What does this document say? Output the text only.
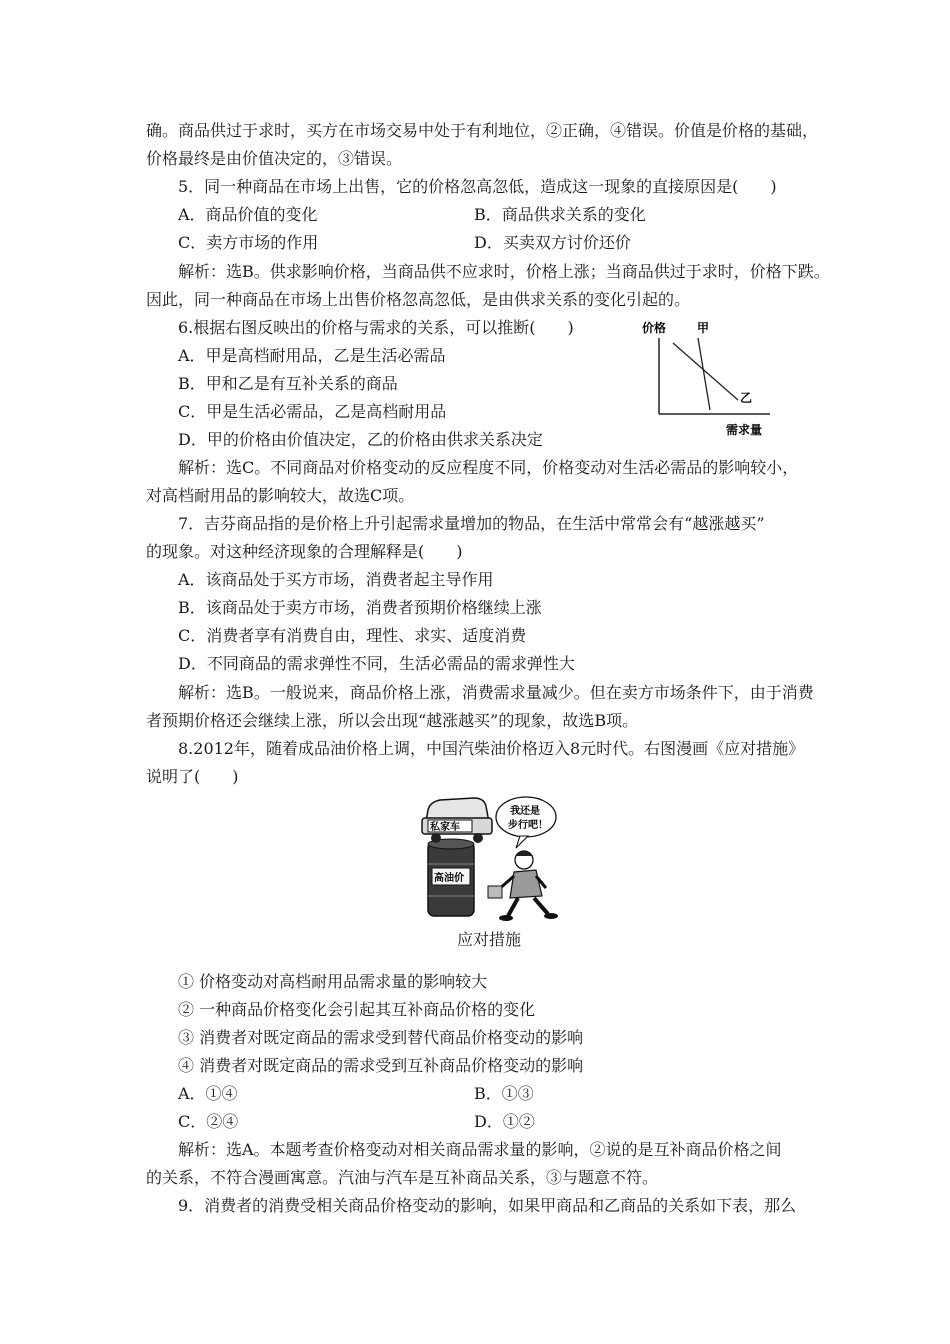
确。商品供过于求时，买方在市场交易中处于有利地位，②正确，④错误。价值是价格的基础，
价格最终是由价值决定的，③错误。
5．同一种商品在市场上出售，它的价格忽高忽低，造成这一现象的直接原因是(　　)
A．商品价值的变化	B．商品供求关系的变化
C．卖方市场的作用	D．买卖双方讨价还价
解析：选B。供求影响价格，当商品供不应求时，价格上涨；当商品供过于求时，价格下跌。
因此，同一种商品在市场上出售价格忽高忽低，是由供求关系的变化引起的。
6.根据右图反映出的价格与需求的关系，可以推断(　　)
A．甲是高档耐用品，乙是生活必需品
B．甲和乙是有互补关系的商品
C．甲是生活必需品，乙是高档耐用品
D．甲的价格由价值决定，乙的价格由供求关系决定
价格	甲
乙
需求量
解析：选C。不同商品对价格变动的反应程度不同，价格变动对生活必需品的影响较小，
对高档耐用品的影响较大，故选C项。
7．吉芬商品指的是价格上升引起需求量增加的物品，在生活中常常会有“越涨越买”
的现象。对这种经济现象的合理解释是(　　)
A．该商品处于买方市场，消费者起主导作用
B．该商品处于卖方市场，消费者预期价格继续上涨
C．消费者享有消费自由，理性、求实、适度消费
D．不同商品的需求弹性不同，生活必需品的需求弹性大
解析：选B。一般说来，商品价格上涨，消费需求量减少。但在卖方市场条件下，由于消费
者预期价格还会继续上涨，所以会出现“越涨越买”的现象，故选B项。
8.2012年，随着成品油价格上调，中国汽柴油价格迈入8元时代。右图漫画《应对措施》
说明了(　　)
高油价
私家车
我还是
步行吧！
应对措施
① 价格变动对高档耐用品需求量的影响较大
② 一种商品价格变化会引起其互补商品价格的变化
③ 消费者对既定商品的需求受到替代商品价格变动的影响
④ 消费者对既定商品的需求受到互补商品价格变动的影响
A．①④	B．①③
C．②④	D．①②
解析：选A。本题考查价格变动对相关商品需求量的影响，②说的是互补商品价格之间
的关系，不符合漫画寓意。汽油与汽车是互补商品关系，③与题意不符。
9．消费者的消费受相关商品价格变动的影响，如果甲商品和乙商品的关系如下表，那么
